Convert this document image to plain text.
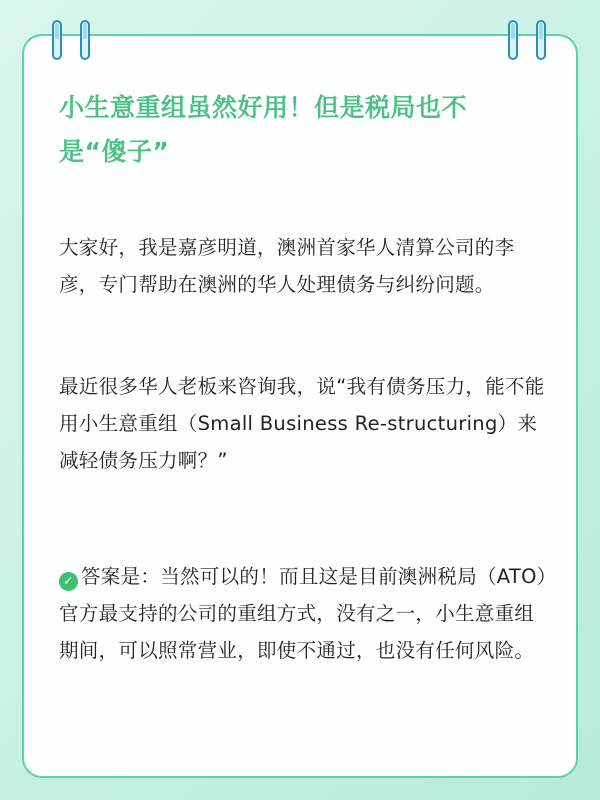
小生意重组虽然好用！但是税局也不是“傻子”

大家好，我是嘉彦明道，澳洲首家华人清算公司的李彦，专门帮助在澳洲的华人处理债务与纠纷问题。

最近很多华人老板来咨询我，说“我有债务压力，能不能用小生意重组（Small Business Re-structuring）来减轻债务压力啊？”

✓ 答案是：当然可以的！而且这是目前澳洲税局（ATO）官方最支持的公司的重组方式，没有之一，小生意重组期间，可以照常营业，即使不通过，也没有任何风险。
